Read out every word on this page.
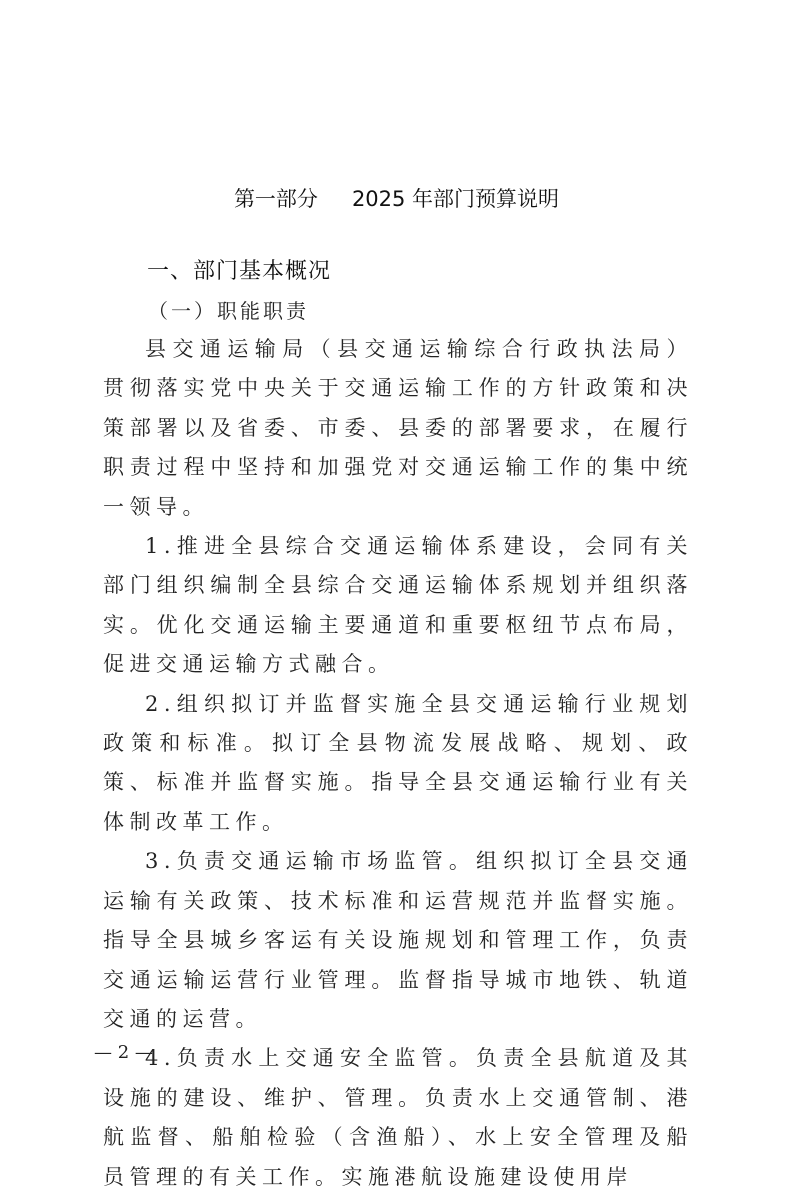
第一部分 2025 年部门预算说明
一、部门基本概况
（一）职能职责

县交通运输局（县交通运输综合行政执法局）贯彻落实党中央关于交通运输工作的方针政策和决策部署以及省委、市委、县委的部署要求，在履行职责过程中坚持和加强党对交通运输工作的集中统一领导。

1.推进全县综合交通运输体系建设，会同有关部门组织编制全县综合交通运输体系规划并组织落实。优化交通运输主要通道和重要枢纽节点布局，促进交通运输方式融合。

2.组织拟订并监督实施全县交通运输行业规划政策和标准。拟订全县物流发展战略、规划、政策、标准并监督实施。指导全县交通运输行业有关体制改革工作。

3.负责交通运输市场监管。组织拟订全县交通运输有关政策、技术标准和运营规范并监督实施。指导全县城乡客运有关设施规划和管理工作，负责交通运输运营行业管理。监督指导城市地铁、轨道交通的运营。

4.负责水上交通安全监管。负责全县航道及其设施的建设、维护、管理。负责水上交通管制、港航监督、船舶检验（含渔船）、水上安全管理及船员管理的有关工作。实施港航设施建设使用岸

— 2 —
